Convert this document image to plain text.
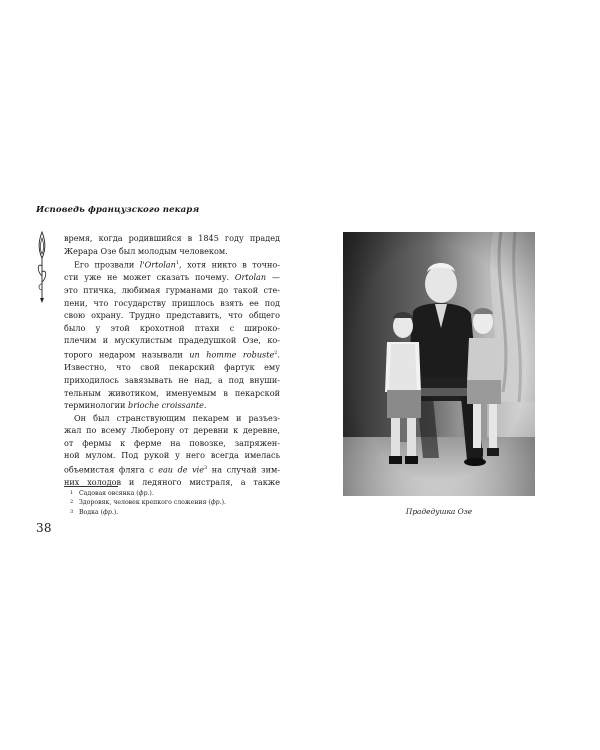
Исповедь французского пекаря
время, когда родившийся в 1845 году прадед
Жерара Озе был молодым человеком.
Его прозвали l'Ortolan$^1$, хотя никто в точно-
сти уже не может сказать почему. Ortolan —
это птичка, любимая гурманами до такой сте-
пени, что государству пришлось взять ее под
свою охрану. Трудно представить, что общего
было у этой крохотной птахи с широко-
плечим и мускулистым прадедушкой Озе, ко-
торого недаром называли un homme robuste$^2$.
Известно, что свой пекарский фартук ему
приходилось завязывать не над, а под внуши-
тельным животиком, именуемым в пекарской
терминологии brioche croissante.
Он был странствующим пекарем и разъез-
жал по всему Люберону от деревни к деревне,
от фермы к ферме на повозке, запряжен-
ной мулом. Под рукой у него всегда имелась
объемистая фляга с eau de vie$^3$ на случай зим-
них холодов и ледяного мистраля, а также
1 Садовая овсянка (фр.).
2 Здоровяк, человек крепкого сложения (фр.).
3 Водка (фр.).
38
Прадедушка Озе
